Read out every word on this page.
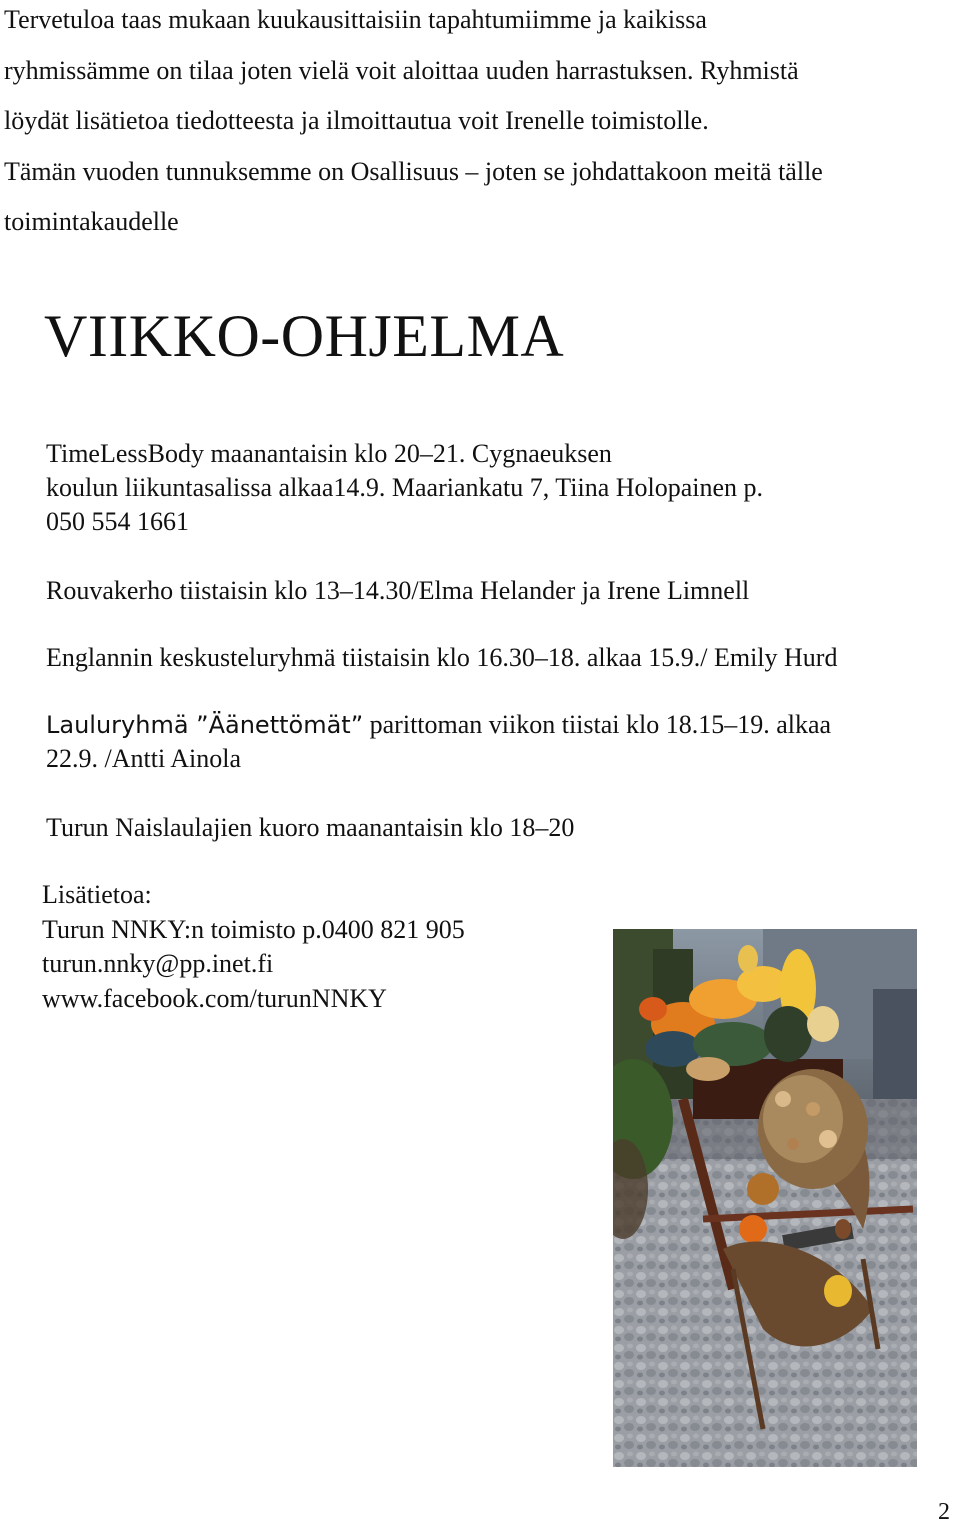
Tervetuloa taas mukaan kuukausittaisiin tapahtumiimme ja kaikissa
ryhmissämme on tilaa joten vielä voit aloittaa uuden harrastuksen. Ryhmistä
löydät lisätietoa tiedotteesta ja ilmoittautua voit Irenelle toimistolle.
Tämän vuoden tunnuksemme on Osallisuus – joten se johdattakoon meitä tälle
toimintakaudelle
VIIKKO-OHJELMA
TimeLessBody maanantaisin klo 20–21. Cygnaeuksen
koulun liikuntasalissa alkaa14.9. Maariankatu 7, Tiina Holopainen p.
050 554 1661
Rouvakerho tiistaisin klo 13–14.30/Elma Helander ja Irene Limnell
Englannin keskusteluryhmä tiistaisin klo 16.30–18. alkaa 15.9./ Emily Hurd
Lauluryhmä ”Äänettömät” parittoman viikon tiistai klo 18.15–19. alkaa
22.9. /Antti Ainola
Turun Naislaulajien kuoro maanantaisin klo 18–20
Lisätietoa:
Turun NNKY:n toimisto p.0400 821 905
turun.nnky@pp.inet.fi
www.facebook.com/turunNNKY
2
